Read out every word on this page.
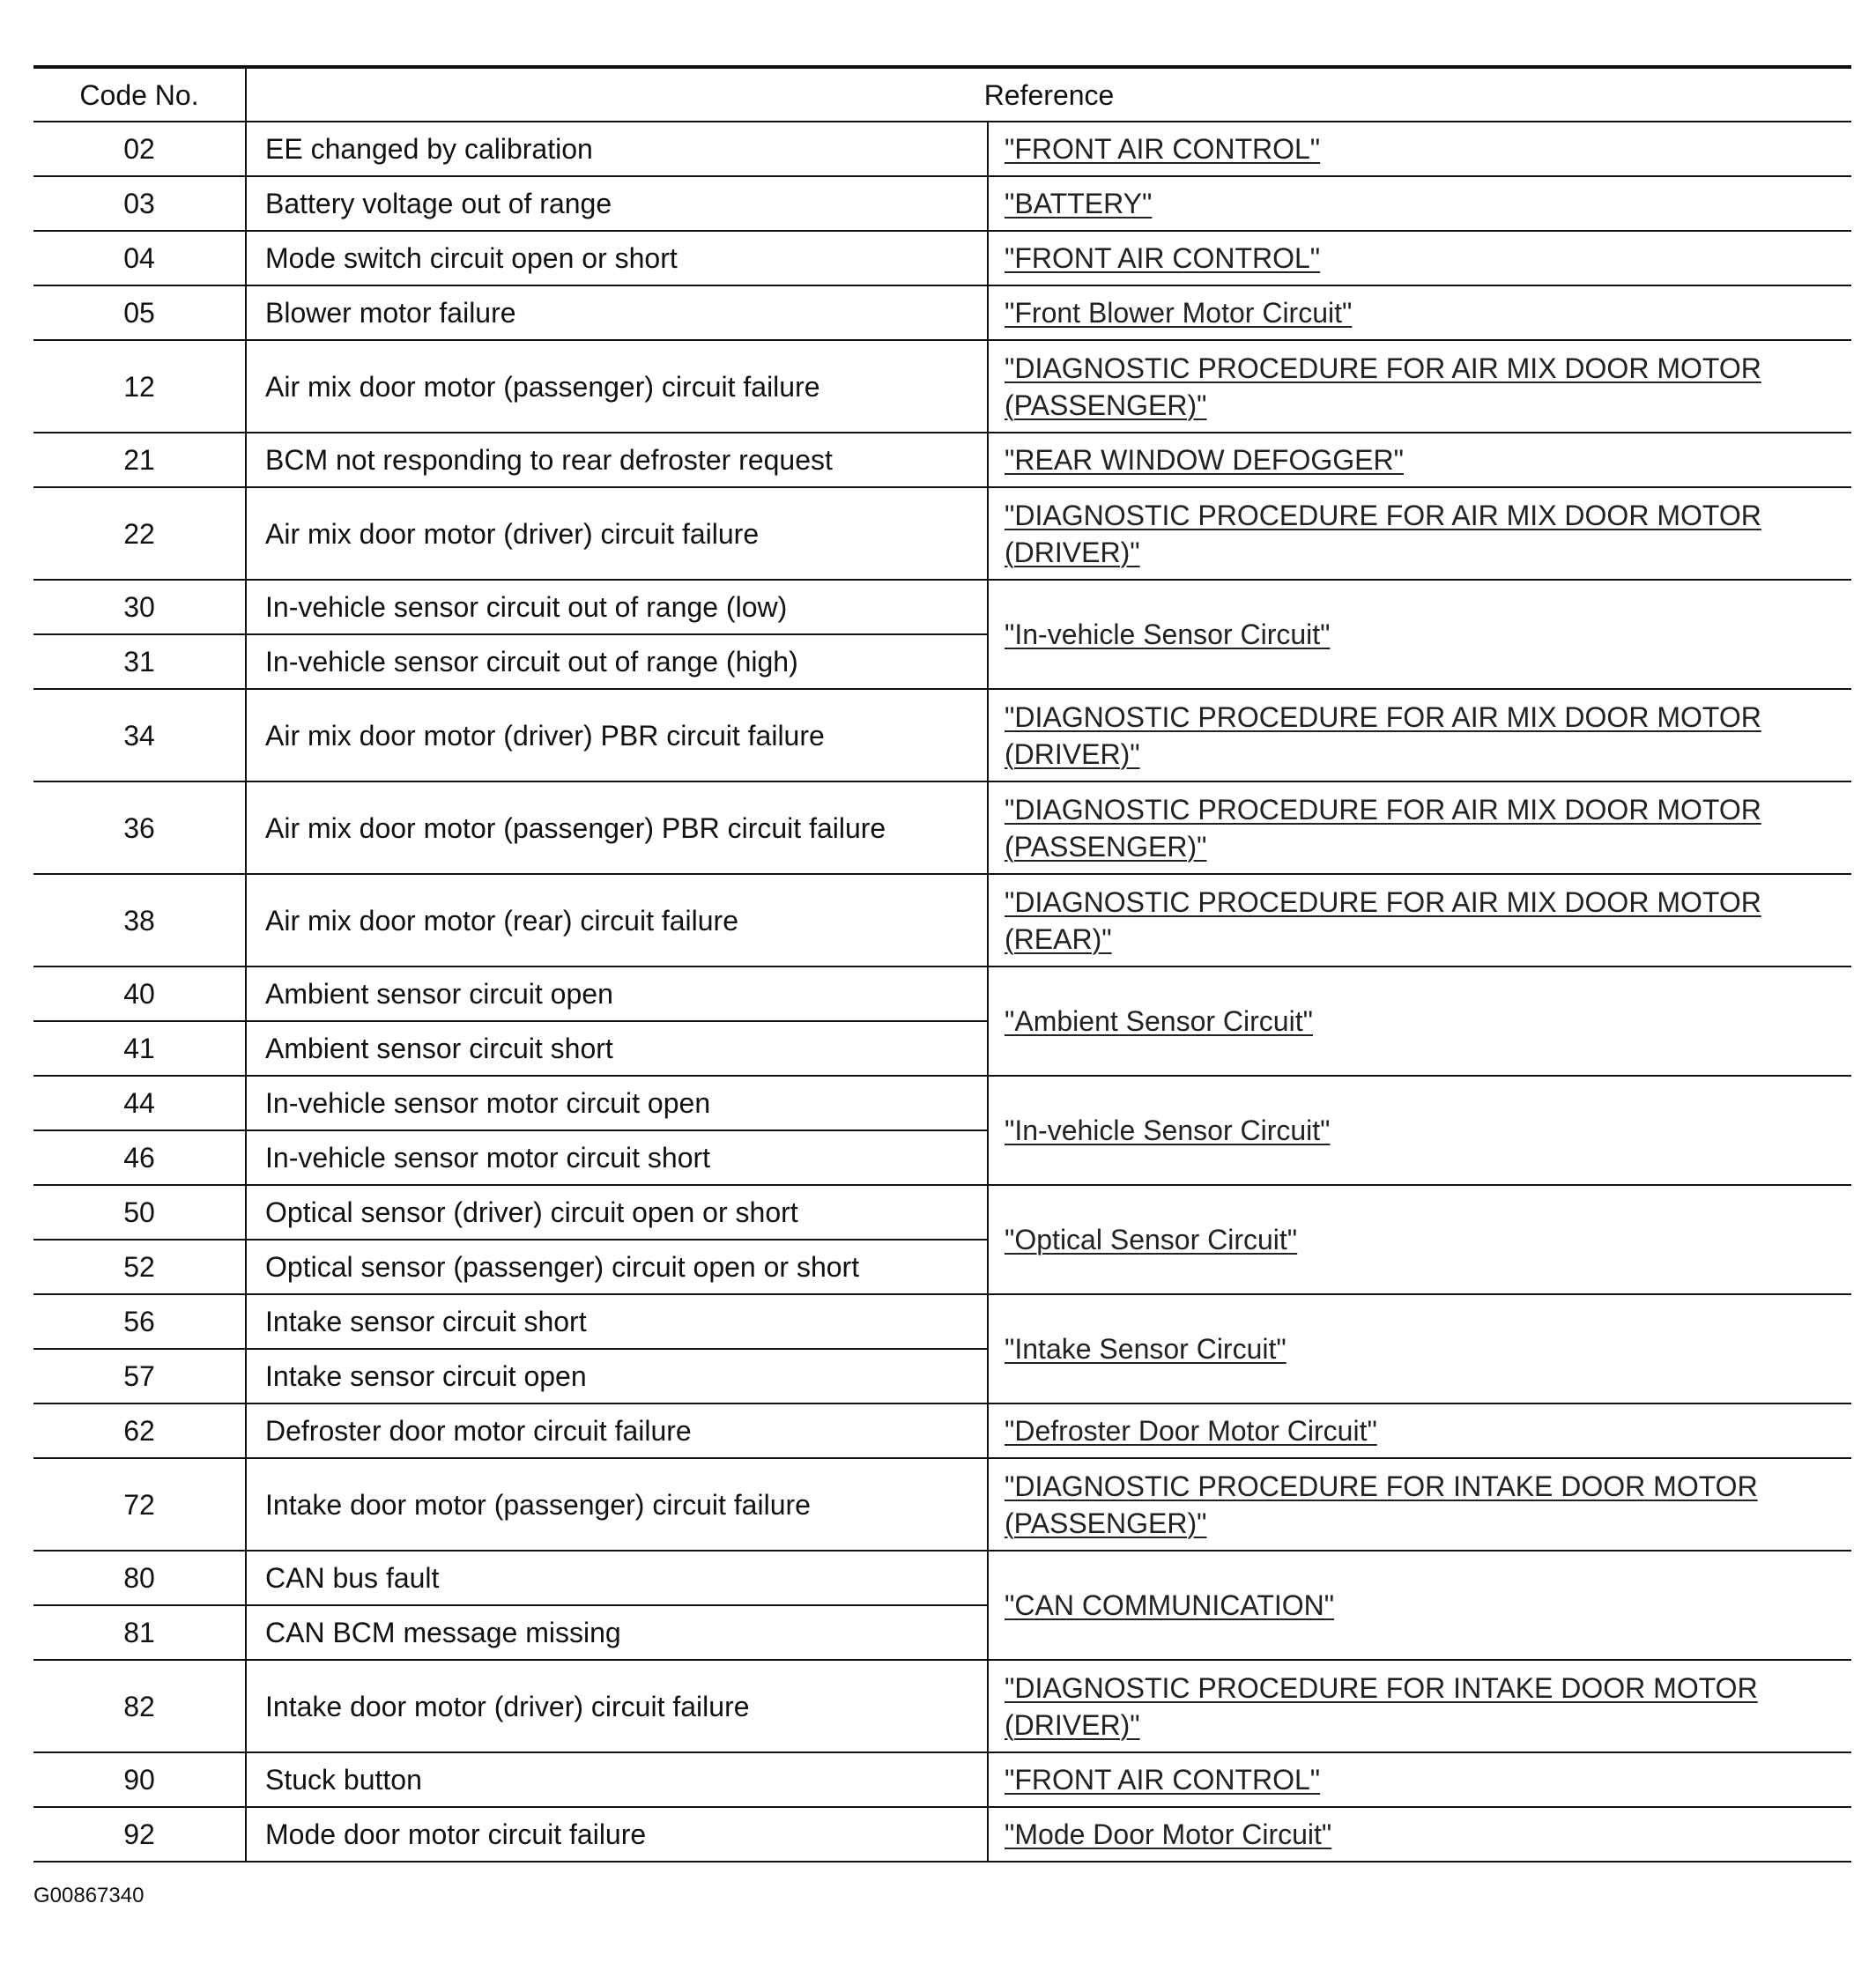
Code No.	Reference	
02	EE changed by calibration	"FRONT AIR CONTROL"
03	Battery voltage out of range	"BATTERY"
04	Mode switch circuit open or short	"FRONT AIR CONTROL"
05	Blower motor failure	"Front Blower Motor Circuit"
12	Air mix door motor (passenger) circuit failure	"DIAGNOSTIC PROCEDURE FOR AIR MIX DOOR MOTOR (PASSENGER)"
21	BCM not responding to rear defroster request	"REAR WINDOW DEFOGGER"
22	Air mix door motor (driver) circuit failure	"DIAGNOSTIC PROCEDURE FOR AIR MIX DOOR MOTOR (DRIVER)"
30	In-vehicle sensor circuit out of range (low)	"In-vehicle Sensor Circuit"
31	In-vehicle sensor circuit out of range (high)	
34	Air mix door motor (driver) PBR circuit failure	"DIAGNOSTIC PROCEDURE FOR AIR MIX DOOR MOTOR (DRIVER)"
36	Air mix door motor (passenger) PBR circuit failure	"DIAGNOSTIC PROCEDURE FOR AIR MIX DOOR MOTOR (PASSENGER)"
38	Air mix door motor (rear) circuit failure	"DIAGNOSTIC PROCEDURE FOR AIR MIX DOOR MOTOR (REAR)"
40	Ambient sensor circuit open	"Ambient Sensor Circuit"
41	Ambient sensor circuit short	
44	In-vehicle sensor motor circuit open	"In-vehicle Sensor Circuit"
46	In-vehicle sensor motor circuit short	
50	Optical sensor (driver) circuit open or short	"Optical Sensor Circuit"
52	Optical sensor (passenger) circuit open or short	
56	Intake sensor circuit short	"Intake Sensor Circuit"
57	Intake sensor circuit open	
62	Defroster door motor circuit failure	"Defroster Door Motor Circuit"
72	Intake door motor (passenger) circuit failure	"DIAGNOSTIC PROCEDURE FOR INTAKE DOOR MOTOR (PASSENGER)"
80	CAN bus fault	"CAN COMMUNICATION"
81	CAN BCM message missing	
82	Intake door motor (driver) circuit failure	"DIAGNOSTIC PROCEDURE FOR INTAKE DOOR MOTOR (DRIVER)"
90	Stuck button	"FRONT AIR CONTROL"
92	Mode door motor circuit failure	"Mode Door Motor Circuit"
G00867340
